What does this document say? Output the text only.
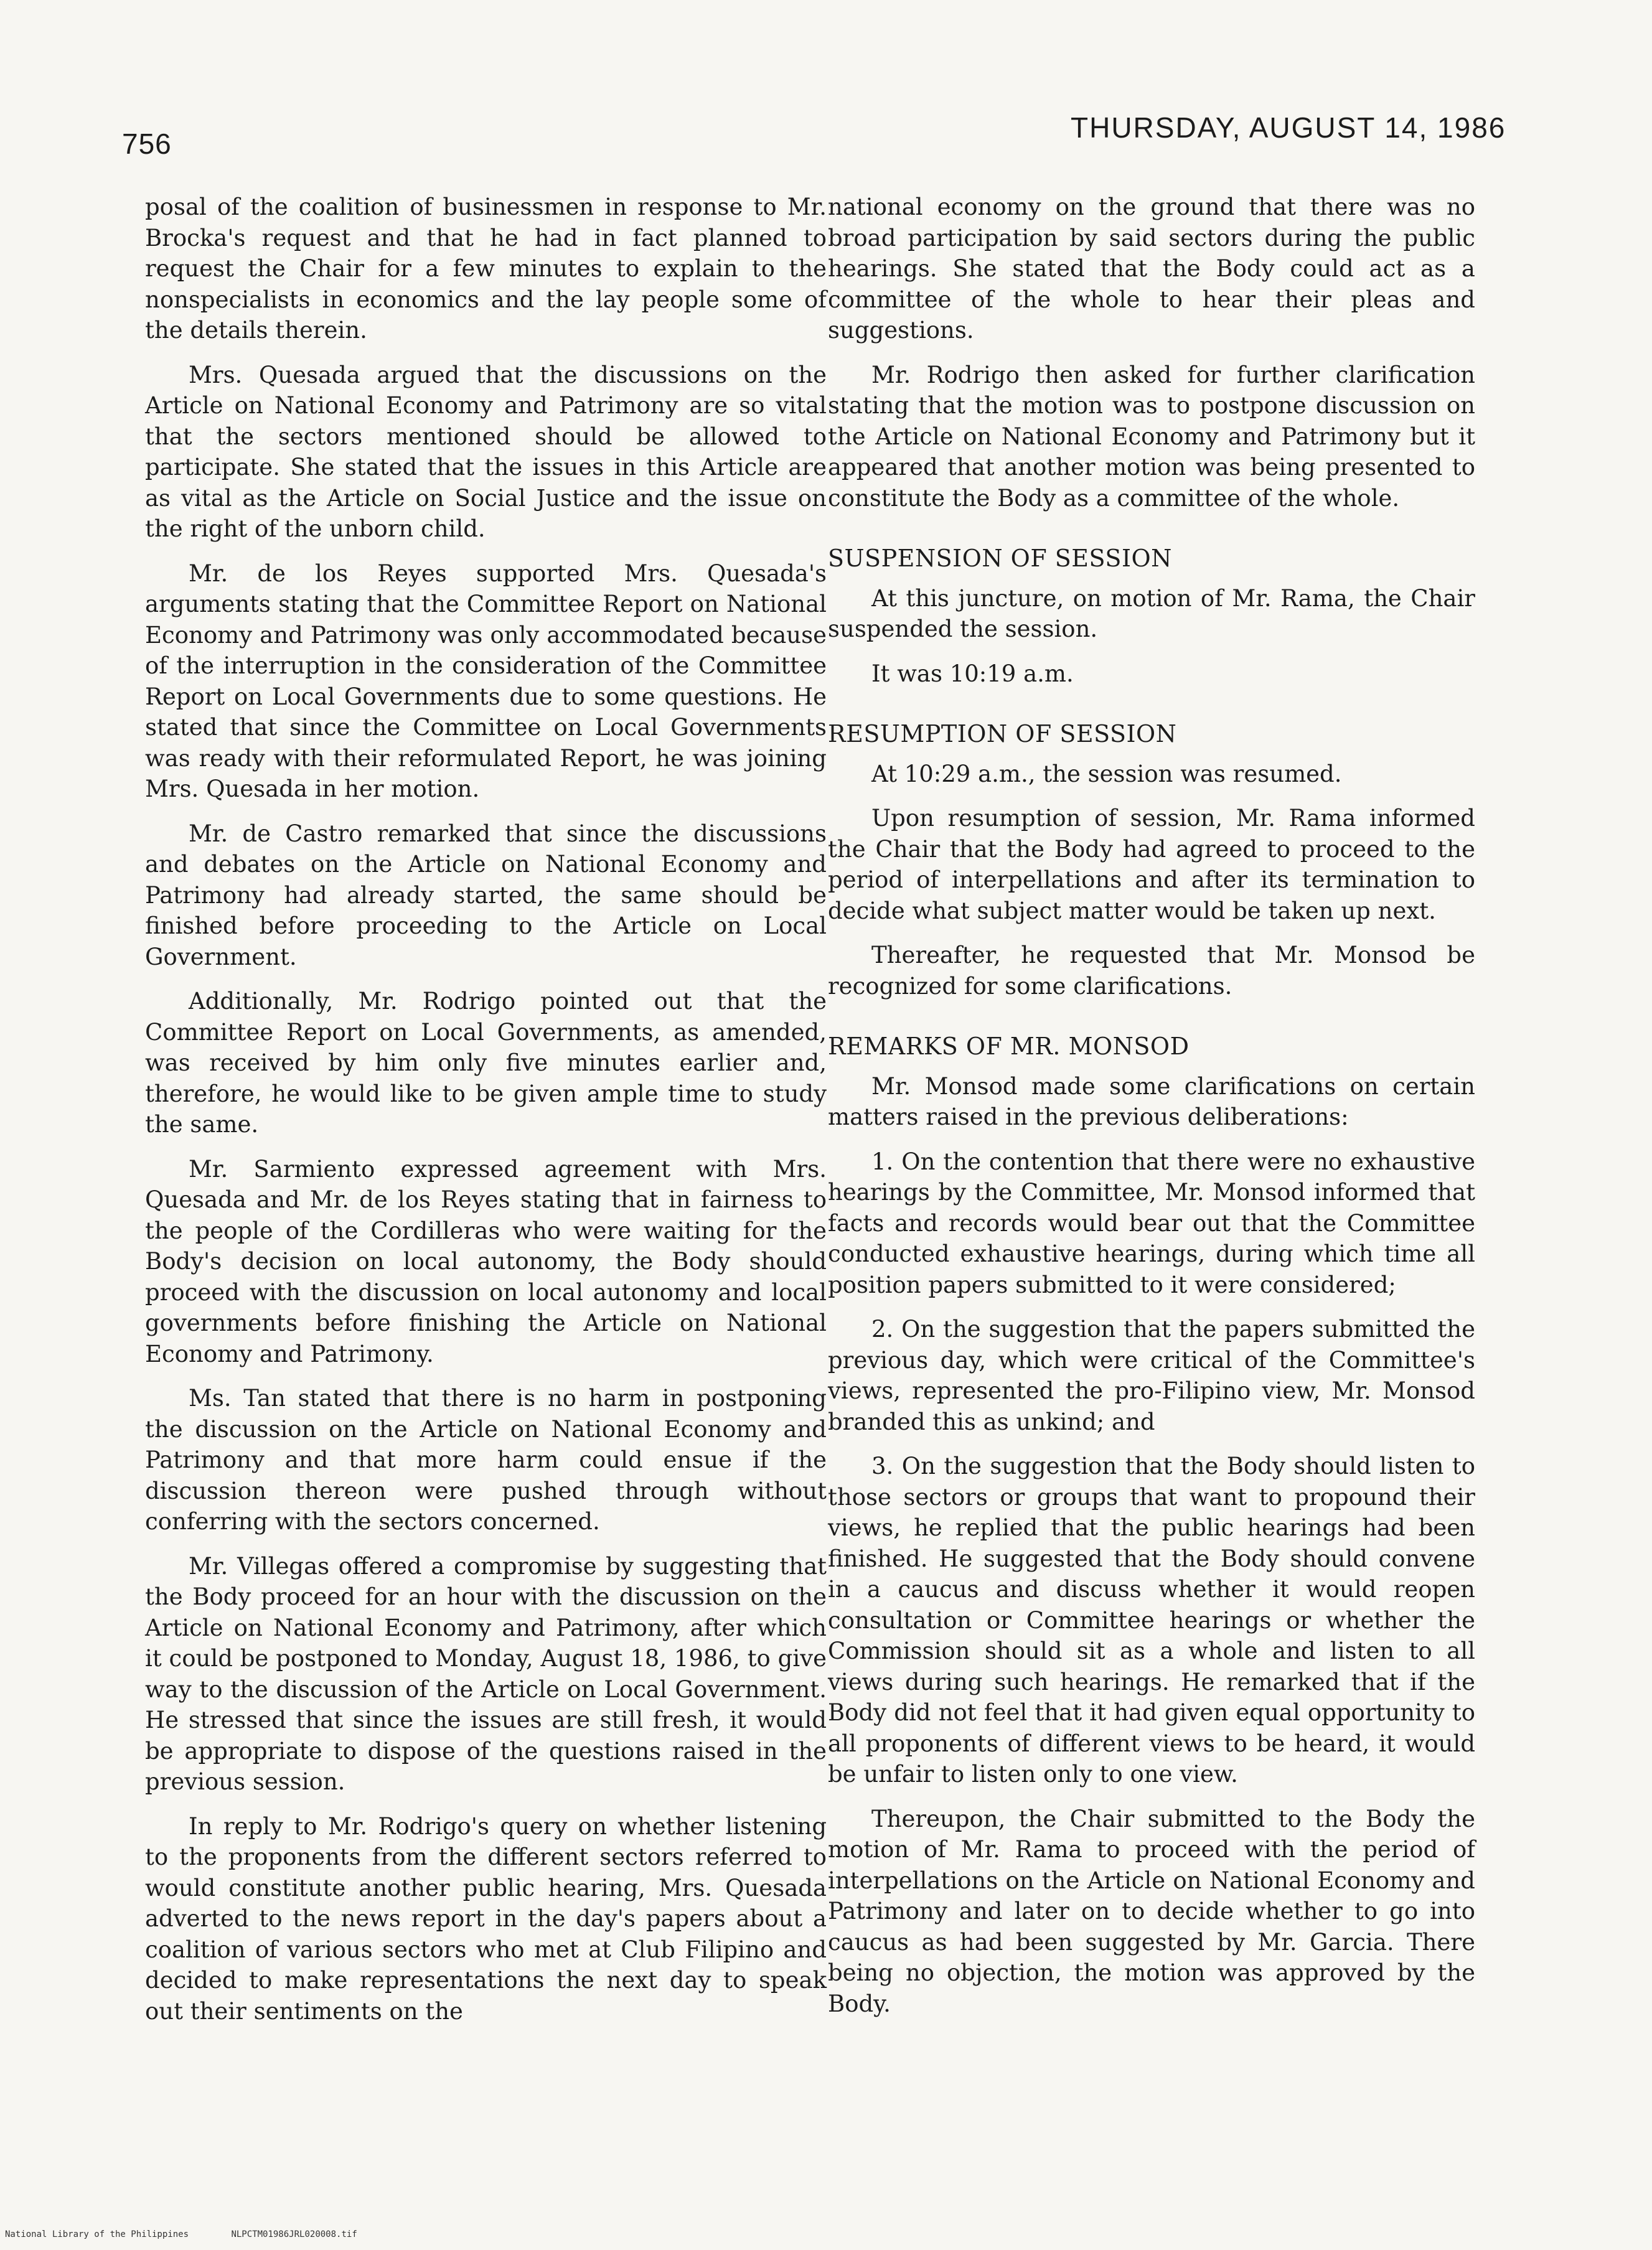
756	THURSDAY, AUGUST 14, 1986

posal of the coalition of businessmen in response to Mr. Brocka's request and that he had in fact planned to request the Chair for a few minutes to explain to the nonspecialists in economics and the lay people some of the details therein.

Mrs. Quesada argued that the discussions on the Article on National Economy and Patrimony are so vital that the sectors mentioned should be allowed to participate. She stated that the issues in this Article are as vital as the Article on Social Justice and the issue on the right of the unborn child.

Mr. de los Reyes supported Mrs. Quesada's arguments stating that the Committee Report on National Economy and Patrimony was only accommodated because of the interruption in the consideration of the Committee Report on Local Governments due to some questions. He stated that since the Committee on Local Governments was ready with their reformulated Report, he was joining Mrs. Quesada in her motion.

Mr. de Castro remarked that since the discussions and debates on the Article on National Economy and Patrimony had already started, the same should be finished before proceeding to the Article on Local Government.

Additionally, Mr. Rodrigo pointed out that the Committee Report on Local Governments, as amended, was received by him only five minutes earlier and, therefore, he would like to be given ample time to study the same.

Mr. Sarmiento expressed agreement with Mrs. Quesada and Mr. de los Reyes stating that in fairness to the people of the Cordilleras who were waiting for the Body's decision on local autonomy, the Body should proceed with the discussion on local autonomy and local governments before finishing the Article on National Economy and Patrimony.

Ms. Tan stated that there is no harm in postponing the discussion on the Article on National Economy and Patrimony and that more harm could ensue if the discussion thereon were pushed through without conferring with the sectors concerned.

Mr. Villegas offered a compromise by suggesting that the Body proceed for an hour with the discussion on the Article on National Economy and Patrimony, after which it could be postponed to Monday, August 18, 1986, to give way to the discussion of the Article on Local Government. He stressed that since the issues are still fresh, it would be appropriate to dispose of the questions raised in the previous session.

In reply to Mr. Rodrigo's query on whether listening to the proponents from the different sectors referred to would constitute another public hearing, Mrs. Quesada adverted to the news report in the day's papers about a coalition of various sectors who met at Club Filipino and decided to make representations the next day to speak out their sentiments on the

national economy on the ground that there was no broad participation by said sectors during the public hearings. She stated that the Body could act as a committee of the whole to hear their pleas and suggestions.

Mr. Rodrigo then asked for further clarification stating that the motion was to postpone discussion on the Article on National Economy and Patrimony but it appeared that another motion was being presented to constitute the Body as a committee of the whole.

SUSPENSION OF SESSION

At this juncture, on motion of Mr. Rama, the Chair suspended the session.

It was 10:19 a.m.

RESUMPTION OF SESSION

At 10:29 a.m., the session was resumed.

Upon resumption of session, Mr. Rama informed the Chair that the Body had agreed to proceed to the period of interpellations and after its termination to decide what subject matter would be taken up next.

Thereafter, he requested that Mr. Monsod be recognized for some clarifications.

REMARKS OF MR. MONSOD

Mr. Monsod made some clarifications on certain matters raised in the previous deliberations:

1. On the contention that there were no exhaustive hearings by the Committee, Mr. Monsod informed that facts and records would bear out that the Committee conducted exhaustive hearings, during which time all position papers submitted to it were considered;

2. On the suggestion that the papers submitted the previous day, which were critical of the Committee's views, represented the pro-Filipino view, Mr. Monsod branded this as unkind; and

3. On the suggestion that the Body should listen to those sectors or groups that want to propound their views, he replied that the public hearings had been finished. He suggested that the Body should convene in a caucus and discuss whether it would reopen consultation or Committee hearings or whether the Commission should sit as a whole and listen to all views during such hearings. He remarked that if the Body did not feel that it had given equal opportunity to all proponents of different views to be heard, it would be unfair to listen only to one view.

Thereupon, the Chair submitted to the Body the motion of Mr. Rama to proceed with the period of interpellations on the Article on National Economy and Patrimony and later on to decide whether to go into caucus as had been suggested by Mr. Garcia. There being no objection, the motion was approved by the Body.

National Library of the Philippines	NLPCTM01986JRL020008.tif
